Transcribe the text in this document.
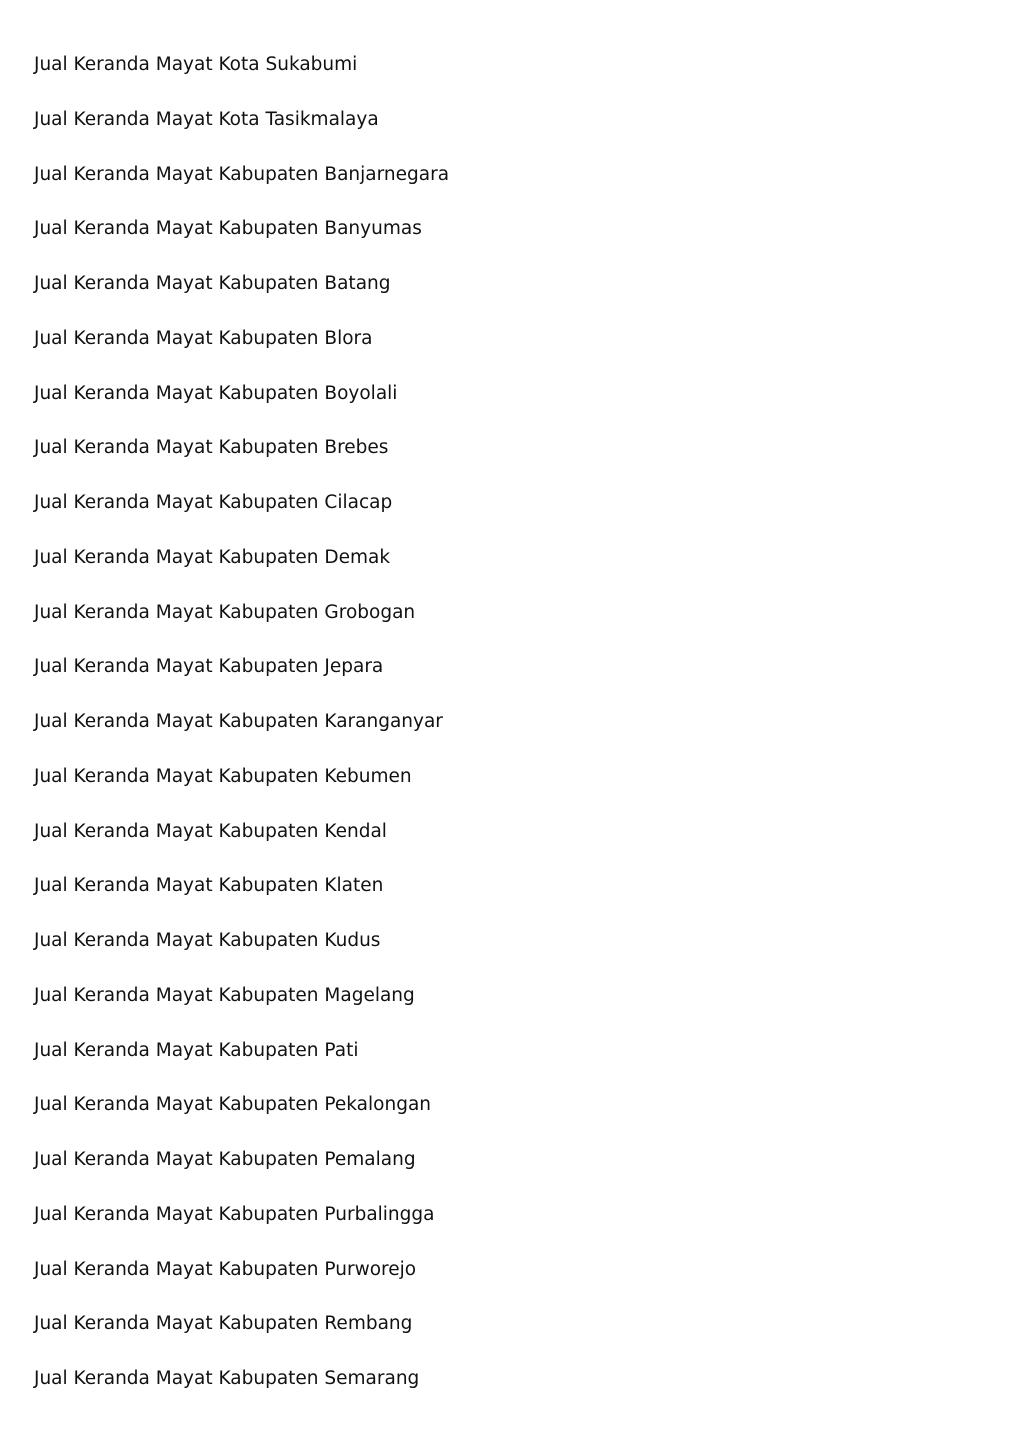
Jual Keranda Mayat Kota Sukabumi
Jual Keranda Mayat Kota Tasikmalaya
Jual Keranda Mayat Kabupaten Banjarnegara
Jual Keranda Mayat Kabupaten Banyumas
Jual Keranda Mayat Kabupaten Batang
Jual Keranda Mayat Kabupaten Blora
Jual Keranda Mayat Kabupaten Boyolali
Jual Keranda Mayat Kabupaten Brebes
Jual Keranda Mayat Kabupaten Cilacap
Jual Keranda Mayat Kabupaten Demak
Jual Keranda Mayat Kabupaten Grobogan
Jual Keranda Mayat Kabupaten Jepara
Jual Keranda Mayat Kabupaten Karanganyar
Jual Keranda Mayat Kabupaten Kebumen
Jual Keranda Mayat Kabupaten Kendal
Jual Keranda Mayat Kabupaten Klaten
Jual Keranda Mayat Kabupaten Kudus
Jual Keranda Mayat Kabupaten Magelang
Jual Keranda Mayat Kabupaten Pati
Jual Keranda Mayat Kabupaten Pekalongan
Jual Keranda Mayat Kabupaten Pemalang
Jual Keranda Mayat Kabupaten Purbalingga
Jual Keranda Mayat Kabupaten Purworejo
Jual Keranda Mayat Kabupaten Rembang
Jual Keranda Mayat Kabupaten Semarang
